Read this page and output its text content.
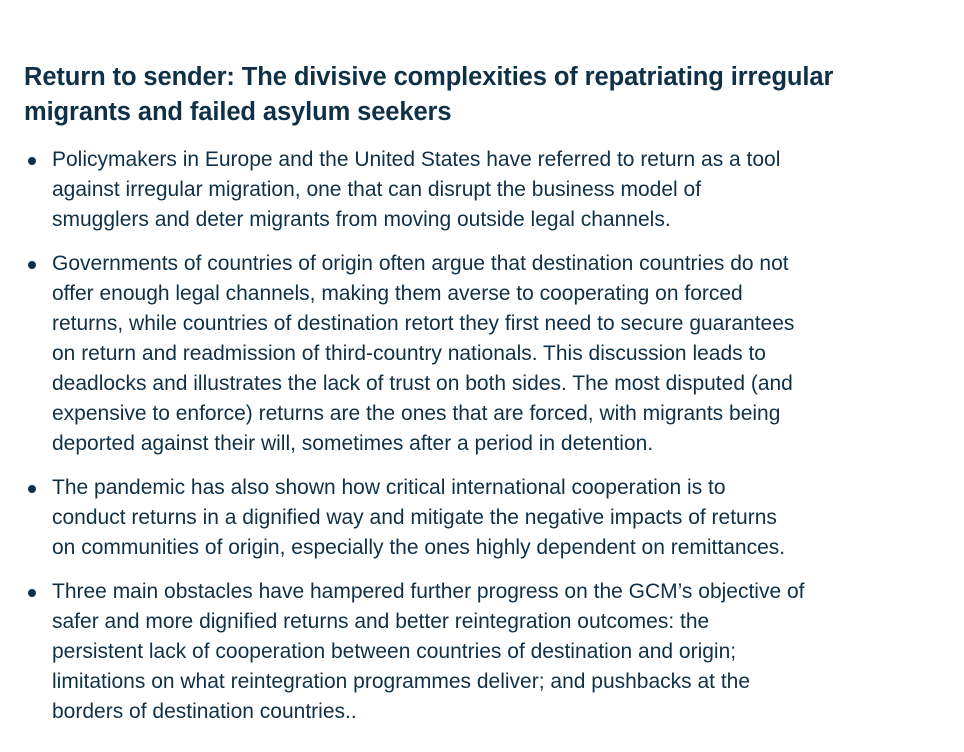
Return to sender: The divisive complexities of repatriating irregular
migrants and failed asylum seekers
Policymakers in Europe and the United States have referred to return as a tool
against irregular migration, one that can disrupt the business model of
smugglers and deter migrants from moving outside legal channels.
Governments of countries of origin often argue that destination countries do not
offer enough legal channels, making them averse to cooperating on forced
returns, while countries of destination retort they first need to secure guarantees
on return and readmission of third-country nationals. This discussion leads to
deadlocks and illustrates the lack of trust on both sides. The most disputed (and
expensive to enforce) returns are the ones that are forced, with migrants being
deported against their will, sometimes after a period in detention.
The pandemic has also shown how critical international cooperation is to
conduct returns in a dignified way and mitigate the negative impacts of returns
on communities of origin, especially the ones highly dependent on remittances.
Three main obstacles have hampered further progress on the GCM’s objective of
safer and more dignified returns and better reintegration outcomes: the
persistent lack of cooperation between countries of destination and origin;
limitations on what reintegration programmes deliver; and pushbacks at the
borders of destination countries..
